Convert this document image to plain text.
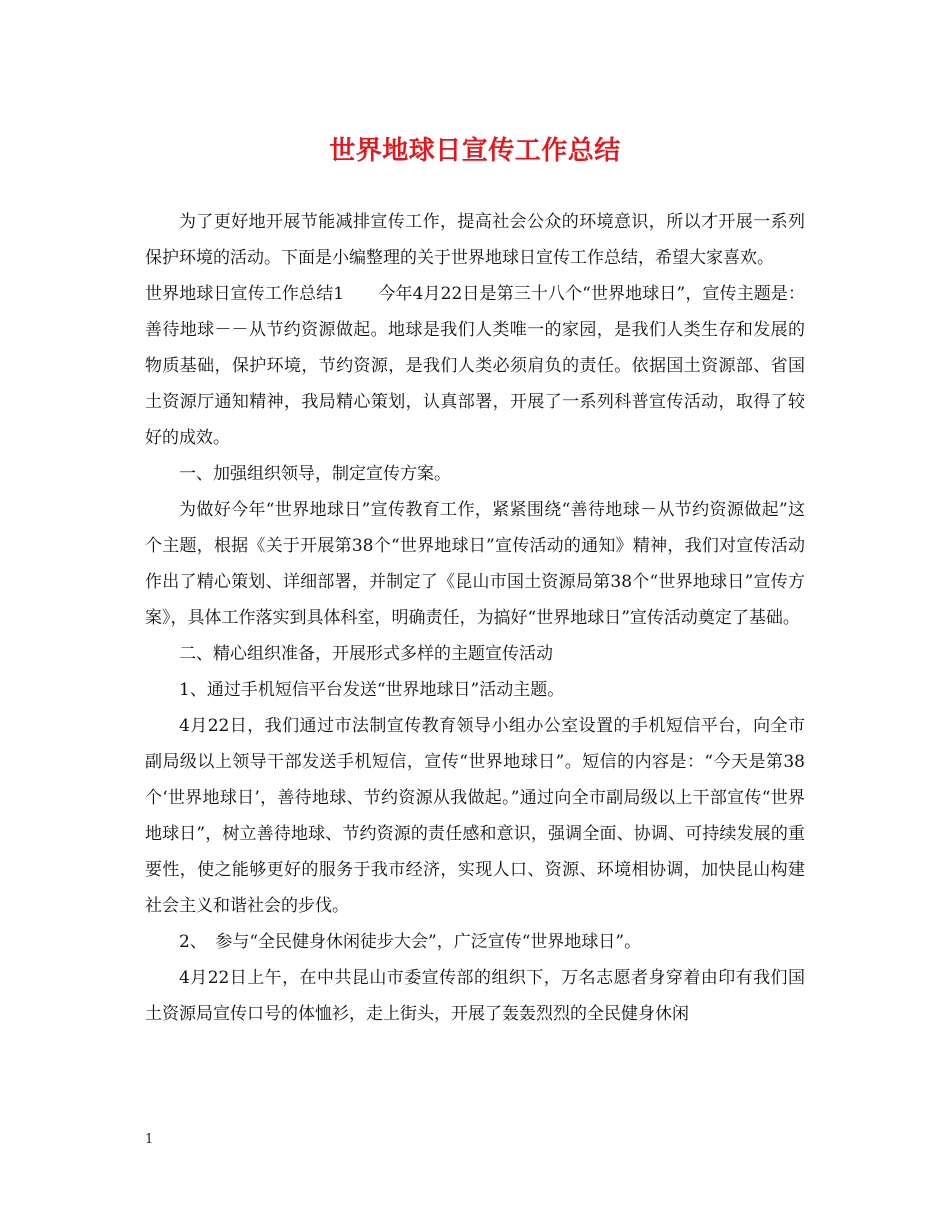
世界地球日宣传工作总结

为了更好地开展节能减排宣传工作，提高社会公众的环境意识，所以才开展一系列保护环境的活动。下面是小编整理的关于世界地球日宣传工作总结，希望大家喜欢。

世界地球日宣传工作总结1　　今年4月22日是第三十八个“世界地球日”，宣传主题是：善待地球－－从节约资源做起。地球是我们人类唯一的家园，是我们人类生存和发展的物质基础，保护环境，节约资源，是我们人类必须肩负的责任。依据国土资源部、省国土资源厅通知精神，我局精心策划，认真部署，开展了一系列科普宣传活动，取得了较好的成效。

一、加强组织领导，制定宣传方案。

为做好今年“世界地球日”宣传教育工作，紧紧围绕“善待地球－从节约资源做起”这个主题，根据《关于开展第38个“世界地球日”宣传活动的通知》精神，我们对宣传活动作出了精心策划、详细部署，并制定了《昆山市国土资源局第38个“世界地球日”宣传方案》，具体工作落实到具体科室，明确责任，为搞好“世界地球日”宣传活动奠定了基础。

二、精心组织准备，开展形式多样的主题宣传活动

1、通过手机短信平台发送“世界地球日”活动主题。

4月22日，我们通过市法制宣传教育领导小组办公室设置的手机短信平台，向全市副局级以上领导干部发送手机短信，宣传“世界地球日”。短信的内容是：“今天是第38个‘世界地球日’，善待地球、节约资源从我做起。”通过向全市副局级以上干部宣传“世界地球日”，树立善待地球、节约资源的责任感和意识，强调全面、协调、可持续发展的重要性，使之能够更好的服务于我市经济，实现人口、资源、环境相协调，加快昆山构建社会主义和谐社会的步伐。

2、　参与“全民健身休闲徒步大会”，广泛宣传“世界地球日”。

4月22日上午，在中共昆山市委宣传部的组织下，万名志愿者身穿着由印有我们国土资源局宣传口号的体恤衫，走上街头，开展了轰轰烈烈的全民健身休闲

1
